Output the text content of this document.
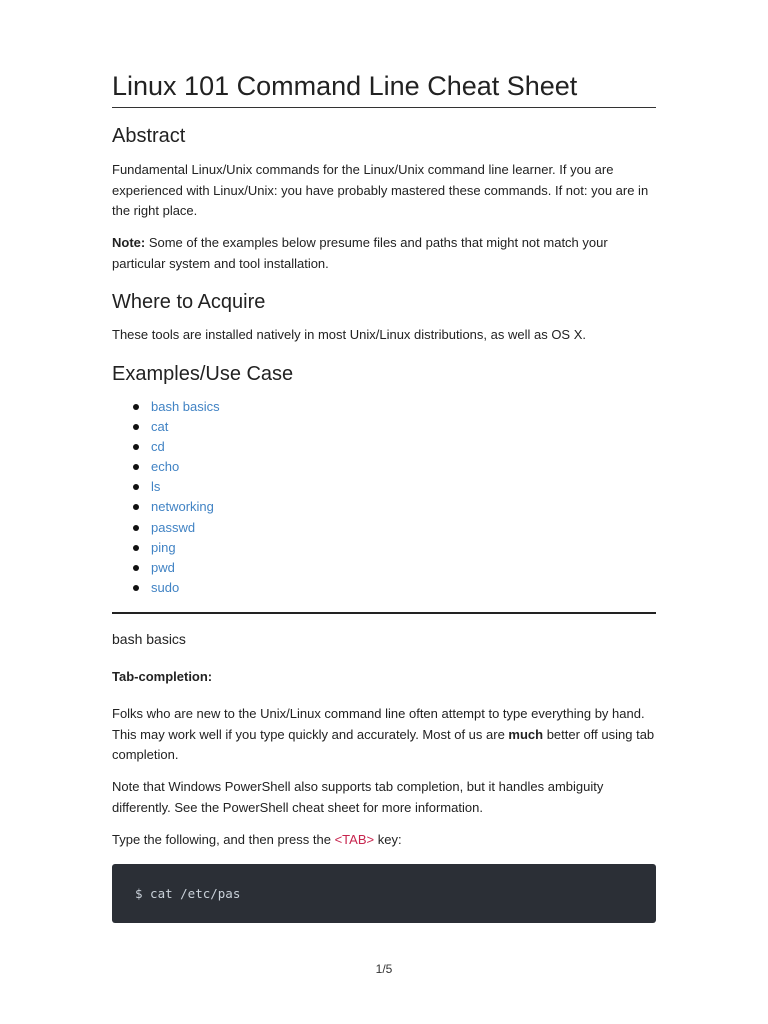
Linux 101 Command Line Cheat Sheet
Abstract

Fundamental Linux/Unix commands for the Linux/Unix command line learner. If you are experienced with Linux/Unix: you have probably mastered these commands. If not: you are in the right place.

Note: Some of the examples below presume files and paths that might not match your particular system and tool installation.

Where to Acquire

These tools are installed natively in most Unix/Linux distributions, as well as OS X.

Examples/Use Case
bash basics
cat
cd
echo
ls
networking
passwd
ping
pwd
sudo
bash basics
Tab-completion:

Folks who are new to the Unix/Linux command line often attempt to type everything by hand. This may work well if you type quickly and accurately. Most of us are much better off using tab completion.

Note that Windows PowerShell also supports tab completion, but it handles ambiguity differently. See the PowerShell cheat sheet for more information.

Type the following, and then press the <TAB> key:

$ cat /etc/pas
1/5
